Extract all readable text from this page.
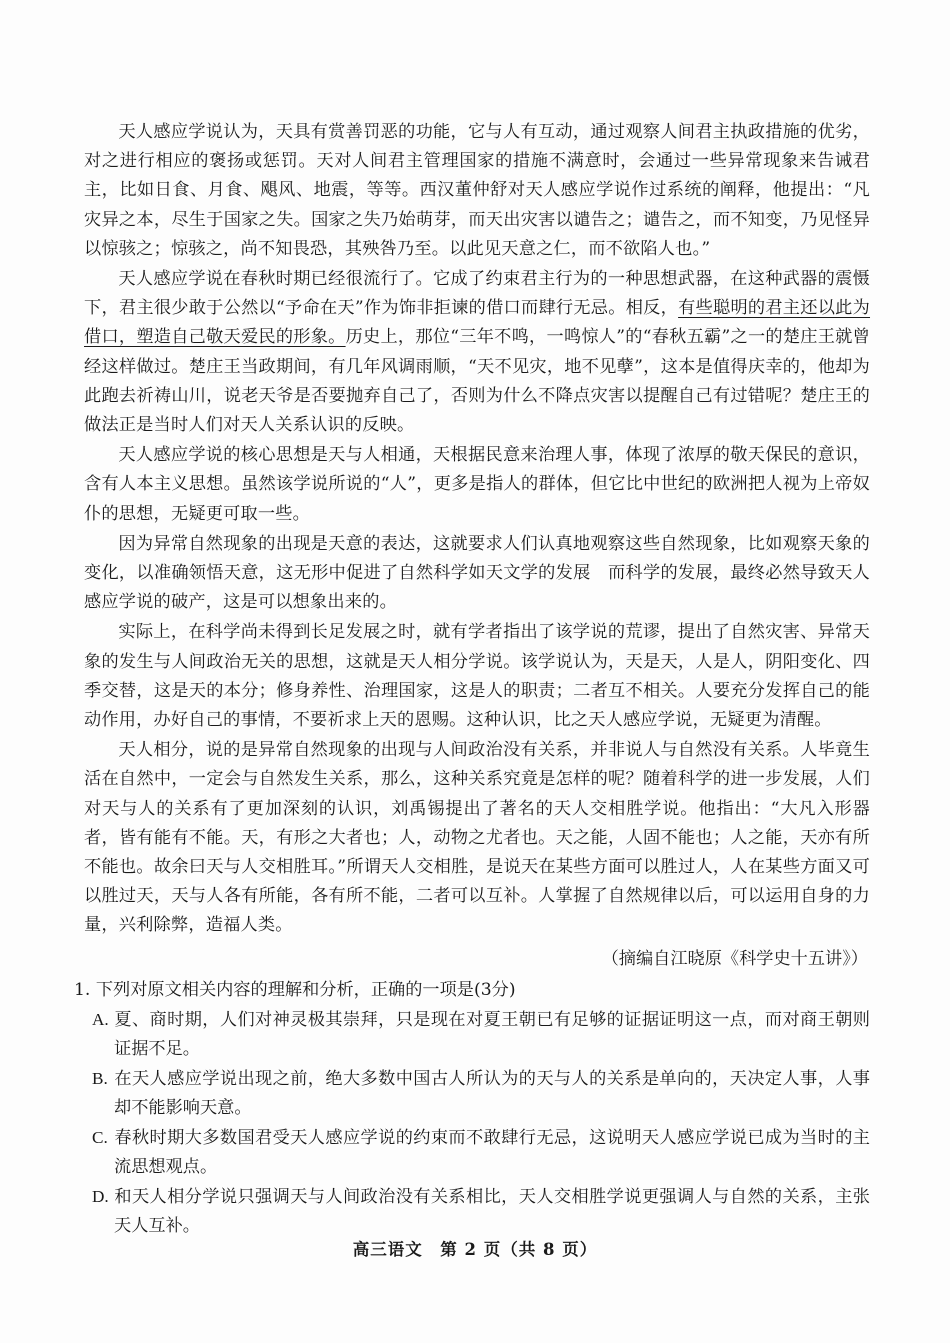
天人感应学说认为，天具有赏善罚恶的功能，它与人有互动，通过观察人间君主执政措施的优劣，对之进行相应的褒扬或惩罚。天对人间君主管理国家的措施不满意时，会通过一些异常现象来告诫君主，比如日食、月食、飓风、地震，等等。西汉董仲舒对天人感应学说作过系统的阐释，他提出：“凡灾异之本，尽生于国家之失。国家之失乃始萌芽，而天出灾害以谴告之；谴告之，而不知变，乃见怪异以惊骇之；惊骇之，尚不知畏恐，其殃咎乃至。以此见天意之仁，而不欲陷人也。”

天人感应学说在春秋时期已经很流行了。它成了约束君主行为的一种思想武器，在这种武器的震慑下，君主很少敢于公然以“予命在天”作为饰非拒谏的借口而肆行无忌。相反，有些聪明的君主还以此为借口，塑造自己敬天爱民的形象。历史上，那位“三年不鸣，一鸣惊人”的“春秋五霸”之一的楚庄王就曾经这样做过。楚庄王当政期间，有几年风调雨顺，“天不见灾，地不见孽”，这本是值得庆幸的，他却为此跑去祈祷山川，说老天爷是否要抛弃自己了，否则为什么不降点灾害以提醒自己有过错呢？楚庄王的做法正是当时人们对天人关系认识的反映。

天人感应学说的核心思想是天与人相通，天根据民意来治理人事，体现了浓厚的敬天保民的意识，含有人本主义思想。虽然该学说所说的“人”，更多是指人的群体，但它比中世纪的欧洲把人视为上帝奴仆的思想，无疑更可取一些。

因为异常自然现象的出现是天意的表达，这就要求人们认真地观察这些自然现象，比如观察天象的变化，以准确领悟天意，这无形中促进了自然科学如天文学的发展　而科学的发展，最终必然导致天人感应学说的破产，这是可以想象出来的。

实际上，在科学尚未得到长足发展之时，就有学者指出了该学说的荒谬，提出了自然灾害、异常天象的发生与人间政治无关的思想，这就是天人相分学说。该学说认为，天是天，人是人，阴阳变化、四季交替，这是天的本分；修身养性、治理国家，这是人的职责；二者互不相关。人要充分发挥自己的能动作用，办好自己的事情，不要祈求上天的恩赐。这种认识，比之天人感应学说，无疑更为清醒。

天人相分，说的是异常自然现象的出现与人间政治没有关系，并非说人与自然没有关系。人毕竟生活在自然中，一定会与自然发生关系，那么，这种关系究竟是怎样的呢？随着科学的进一步发展，人们对天与人的关系有了更加深刻的认识，刘禹锡提出了著名的天人交相胜学说。他指出：“大凡入形器者，皆有能有不能。天，有形之大者也；人，动物之尤者也。天之能，人固不能也；人之能，天亦有所不能也。故余曰天与人交相胜耳。”所谓天人交相胜，是说天在某些方面可以胜过人，人在某些方面又可以胜过天，天与人各有所能，各有所不能，二者可以互补。人掌握了自然规律以后，可以运用自身的力量，兴利除弊，造福人类。

（摘编自江晓原《科学史十五讲》）

1. 下列对原文相关内容的理解和分析，正确的一项是(3分)

A. 夏、商时期，人们对神灵极其崇拜，只是现在对夏王朝已有足够的证据证明这一点，而对商王朝则证据不足。
B. 在天人感应学说出现之前，绝大多数中国古人所认为的天与人的关系是单向的，天决定人事，人事却不能影响天意。
C. 春秋时期大多数国君受天人感应学说的约束而不敢肆行无忌，这说明天人感应学说已成为当时的主流思想观点。
D. 和天人相分学说只强调天与人间政治没有关系相比，天人交相胜学说更强调人与自然的关系，主张天人互补。
高三语文　第 2 页（共 8 页）
